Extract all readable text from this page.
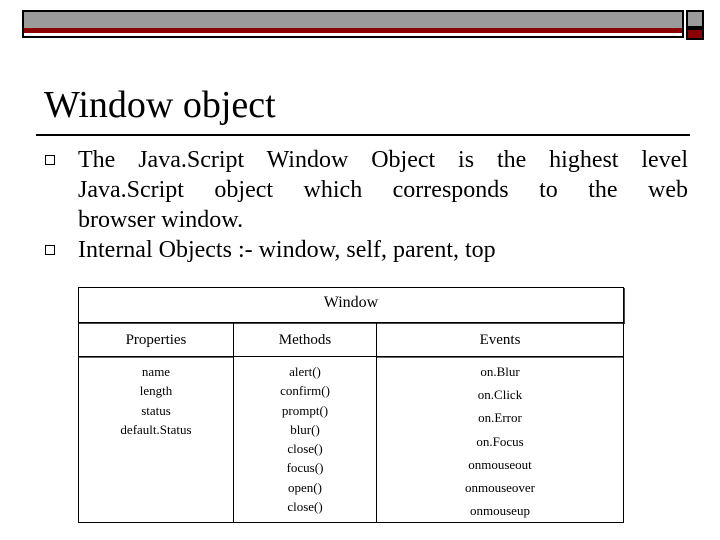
Window object
The Java.Script Window Object is the highest level
Java.Script object which corresponds to the web
browser window.
Internal Objects :- window, self, parent, top
Window
Properties
name
length
status
default.Status
Methods
alert()
confirm()
prompt()
blur()
close()
focus()
open()
close()
Events
on.Blur
on.Click
on.Error
on.Focus
onmouseout
onmouseover
onmouseup
